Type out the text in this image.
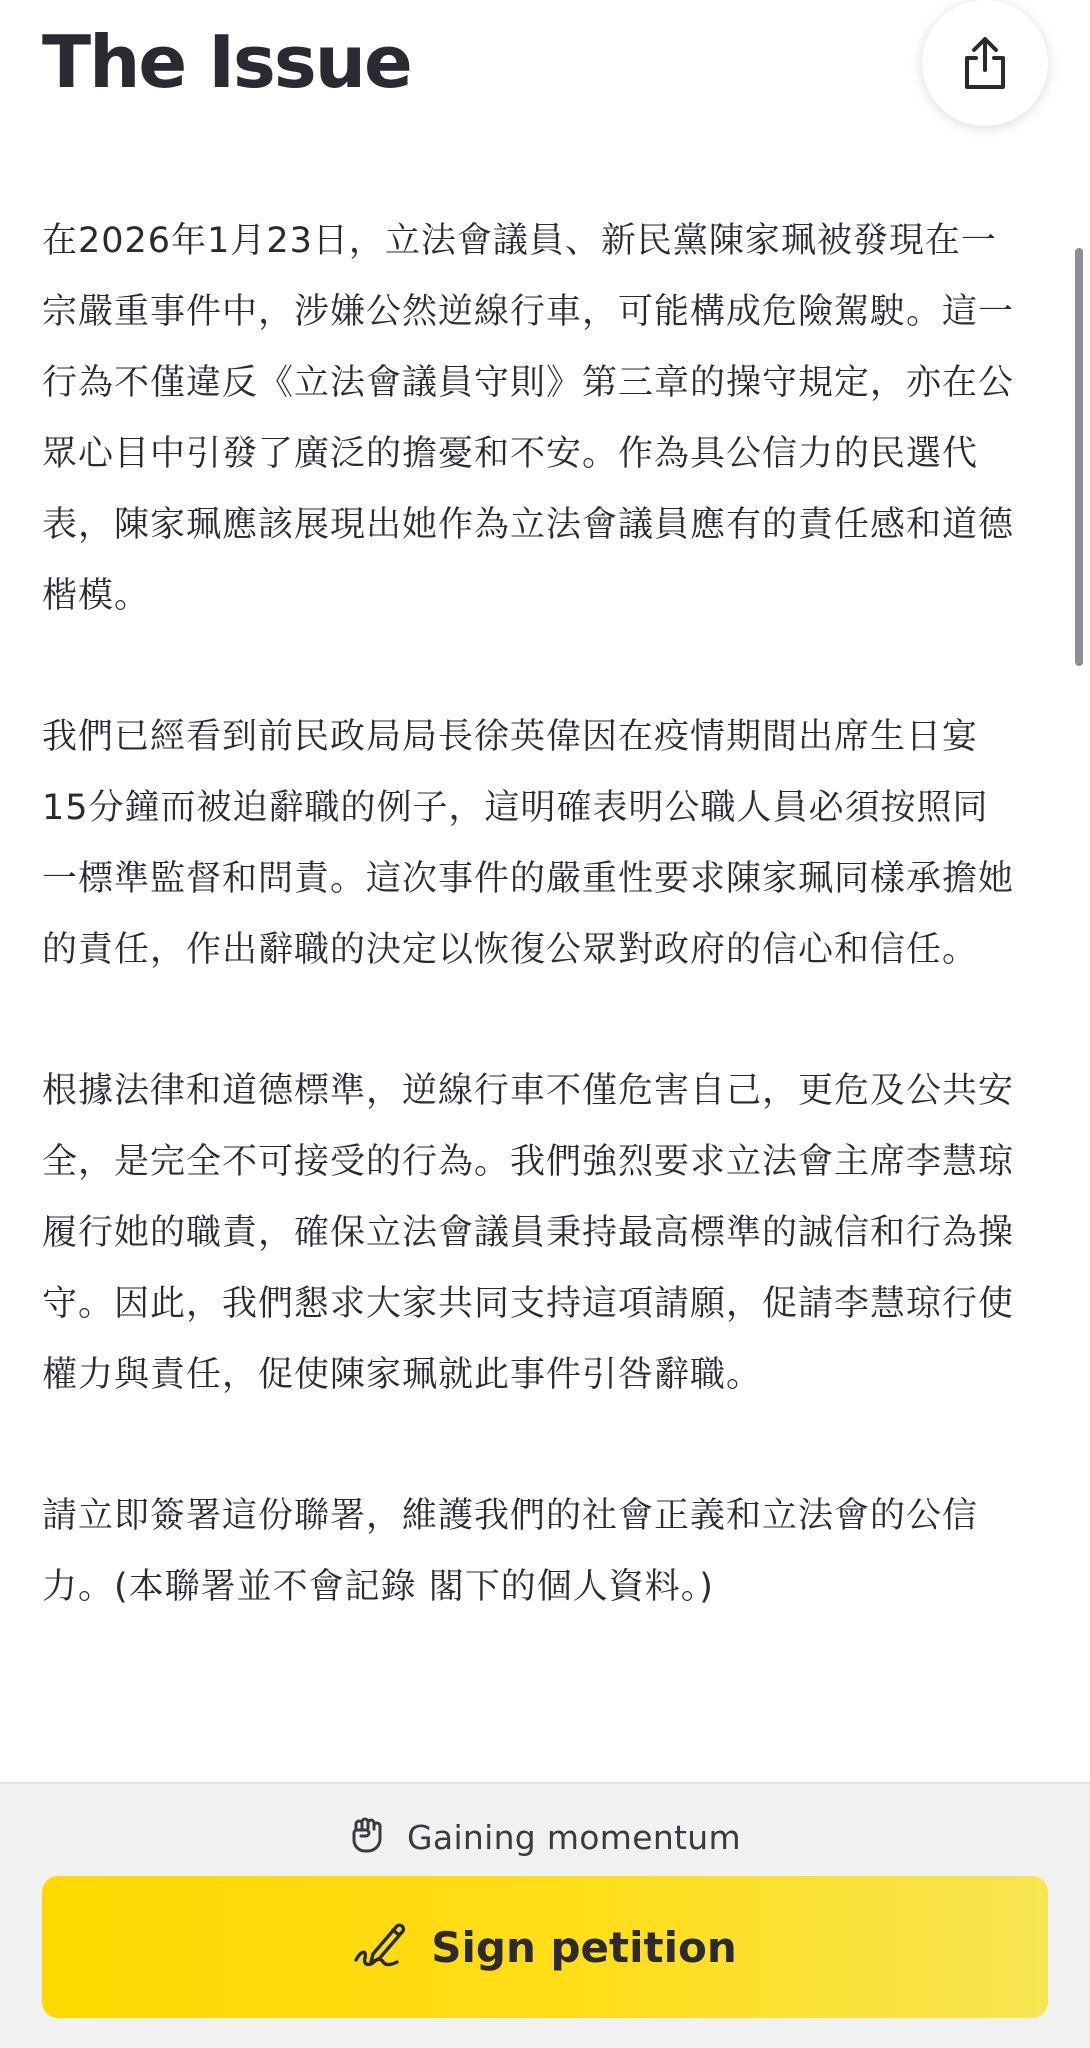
The Issue

在2026年1月23日，立法會議員、新民黨陳家珮被發現在一宗嚴重事件中，涉嫌公然逆線行車，可能構成危險駕駛。這一行為不僅違反《立法會議員守則》第三章的操守規定，亦在公眾心目中引發了廣泛的擔憂和不安。作為具公信力的民選代表，陳家珮應該展現出她作為立法會議員應有的責任感和道德楷模。

我們已經看到前民政局局長徐英偉因在疫情期間出席生日宴15分鐘而被迫辭職的例子，這明確表明公職人員必須按照同一標準監督和問責。這次事件的嚴重性要求陳家珮同樣承擔她的責任，作出辭職的決定以恢復公眾對政府的信心和信任。

根據法律和道德標準，逆線行車不僅危害自己，更危及公共安全，是完全不可接受的行為。我們強烈要求立法會主席李慧琼履行她的職責，確保立法會議員秉持最高標準的誠信和行為操守。因此，我們懇求大家共同支持這項請願，促請李慧琼行使權力與責任，促使陳家珮就此事件引咎辭職。

請立即簽署這份聯署，維護我們的社會正義和立法會的公信力。(本聯署並不會記錄 閣下的個人資料。)

Gaining momentum
Sign petition
